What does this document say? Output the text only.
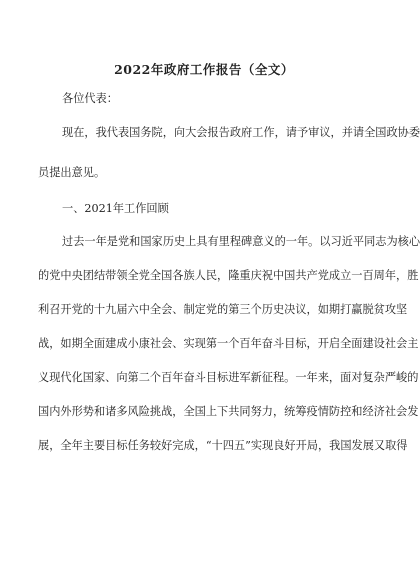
2022年政府工作报告（全文）
各位代表：
现在，我代表国务院，向大会报告政府工作，请予审议，并请全国政协委
员提出意见。
一、2021年工作回顾
过去一年是党和国家历史上具有里程碑意义的一年。以习近平同志为核心
的党中央团结带领全党全国各族人民，隆重庆祝中国共产党成立一百周年，胜
利召开党的十九届六中全会、制定党的第三个历史决议，如期打赢脱贫攻坚
战，如期全面建成小康社会、实现第一个百年奋斗目标，开启全面建设社会主
义现代化国家、向第二个百年奋斗目标进军新征程。一年来，面对复杂严峻的
国内外形势和诸多风险挑战，全国上下共同努力，统筹疫情防控和经济社会发
展，全年主要目标任务较好完成，“十四五”实现良好开局，我国发展又取得
